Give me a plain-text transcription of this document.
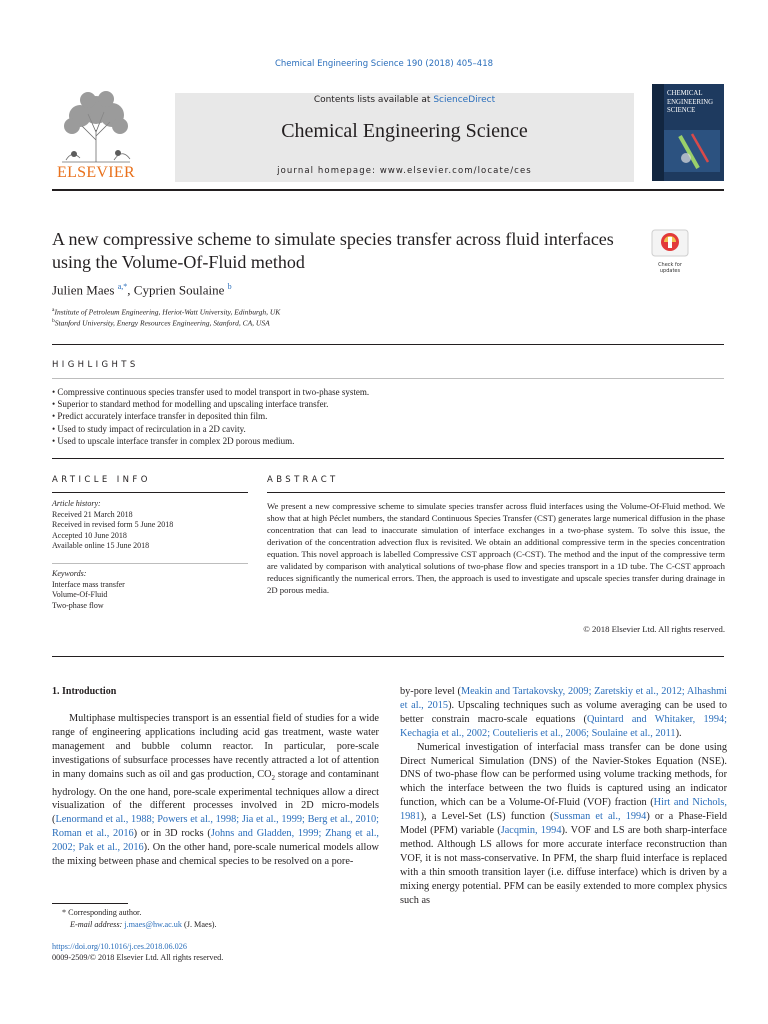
Chemical Engineering Science 190 (2018) 405–418
ELSEVIER
Contents lists available at ScienceDirect
Chemical Engineering Science
journal homepage: www.elsevier.com/locate/ces
CHEMICAL ENGINEERING SCIENCE
A new compressive scheme to simulate species transfer across fluid interfaces using the Volume-Of-Fluid method	Check for
updates
Julien Maes $^{a,*}$, Cyprien Soulaine $^b$
$^a$Institute of Petroleum Engineering, Heriot-Watt University, Edinburgh, UK
$^b$Stanford University, Energy Resources Engineering, Stanford, CA, USA
HIGHLIGHTS
• Compressive continuous species transfer used to model transport in two-phase system.
• Superior to standard method for modelling and upscaling interface transfer.
• Predict accurately interface transfer in deposited thin film.
• Used to study impact of recirculation in a 2D cavity.
• Used to upscale interface transfer in complex 2D porous medium.
ARTICLE INFO
Article history:
Received 21 March 2018
Received in revised form 5 June 2018
Accepted 10 June 2018
Available online 15 June 2018
Keywords:
Interface mass transfer
Volume-Of-Fluid
Two-phase flow
ABSTRACT
We present a new compressive scheme to simulate species transfer across fluid interfaces using the Volume-Of-Fluid method. We show that at high Péclet numbers, the standard Continuous Species Transfer (CST) generates large numerical diffusion in the phase concentration that can lead to inaccurate simulation of interface exchanges in a two-phase system. To solve this issue, the derivation of the concentration advection flux is revisited. We obtain an additional compressive term in the species concentration equation. This novel approach is labelled Compressive CST approach (C-CST). The method and the input of the compressive term are validated by comparison with analytical solutions of two-phase flow and species transport in a 1D tube. The C-CST approach reduces significantly the numerical errors. Then, the approach is used to investigate and upscale species transfer during drainage in 2D porous media.
© 2018 Elsevier Ltd. All rights reserved.
1. Introduction

Multiphase multispecies transport is an essential field of studies for a wide range of engineering applications including acid gas treatment, waste water management and bubble column reactor. In particular, pore-scale investigations of subsurface processes have recently attracted a lot of attention in many domains such as oil and gas production, $CO_2$ storage and contaminant hydrology. On the one hand, pore-scale experimental techniques allow a direct visualization of the different processes involved in 2D micro-models (Lenormand et al., 1988; Powers et al., 1998; Jia et al., 1999; Berg et al., 2010; Roman et al., 2016) or in 3D rocks (Johns and Gladden, 1999; Zhang et al., 2002; Pak et al., 2016). On the other hand, pore-scale numerical models allow the mixing between phase and chemical species to be resolved on a pore-

by-pore level (Meakin and Tartakovsky, 2009; Zaretskiy et al., 2012; Alhashmi et al., 2015). Upscaling techniques such as volume averaging can be used to better constrain macro-scale equations (Quintard and Whitaker, 1994; Kechagia et al., 2002; Coutelieris et al., 2006; Soulaine et al., 2011).

Numerical investigation of interfacial mass transfer can be done using Direct Numerical Simulation (DNS) of the Navier-Stokes Equation (NSE). DNS of two-phase flow can be performed using volume tracking methods, for which the interface between the two fluids is captured using an indicator function, which can be a Volume-Of-Fluid (VOF) fraction (Hirt and Nichols, 1981), a Level-Set (LS) function (Sussman et al., 1994) or a Phase-Field Model (PFM) variable (Jacqmin, 1994). VOF and LS are both sharp-interface method. Although LS allows for more accurate interface reconstruction than VOF, it is not mass-conservative. In PFM, the sharp fluid interface is replaced with a thin smooth transition layer (i.e. diffuse interface) which is driven by a mixing energy potential. PFM can be easily extended to more complex physics such as

* Corresponding author.
E-mail address: j.maes@hw.ac.uk (J. Maes).
https://doi.org/10.1016/j.ces.2018.06.026
0009-2509/© 2018 Elsevier Ltd. All rights reserved.
